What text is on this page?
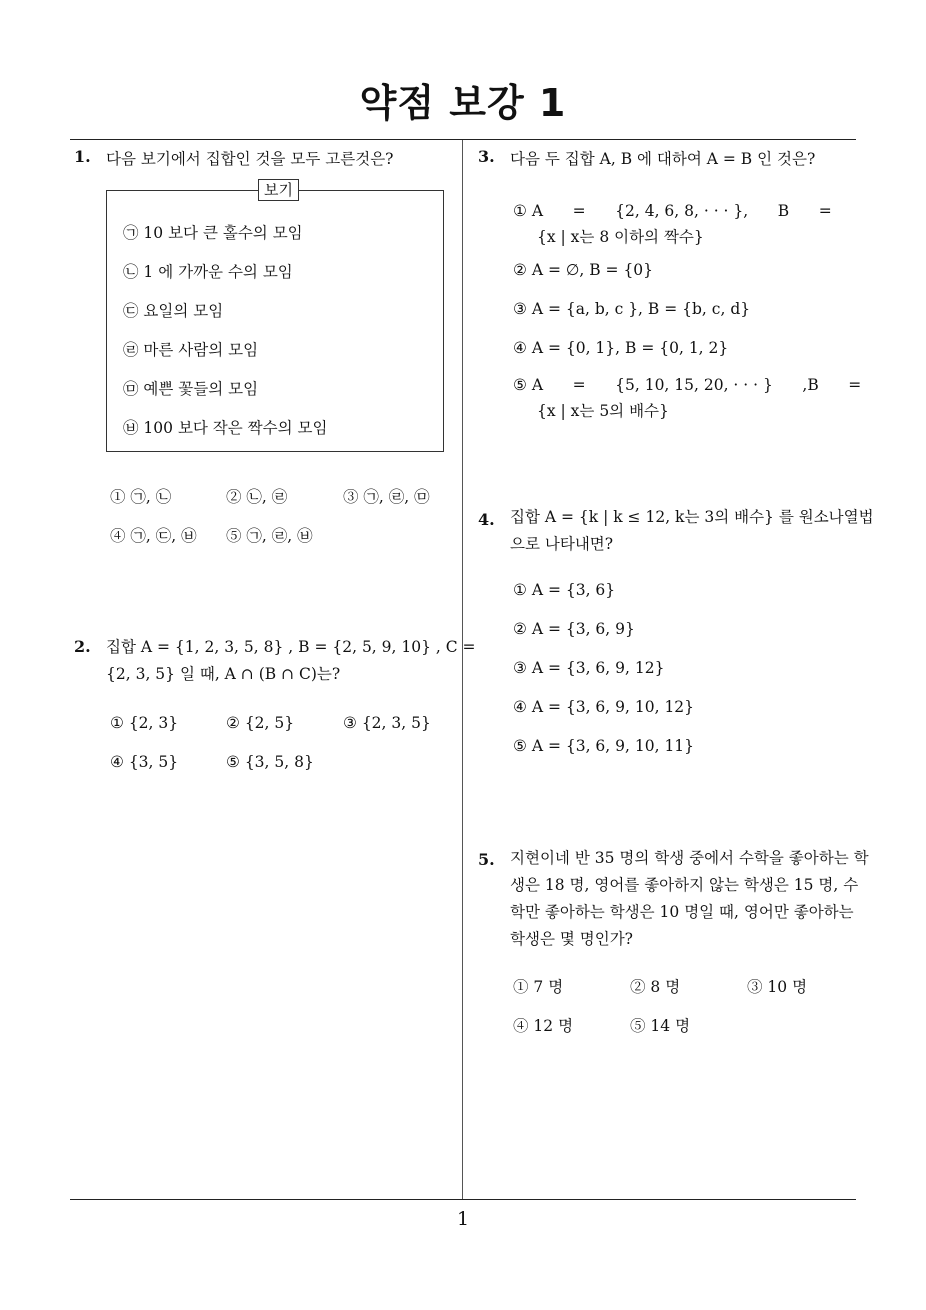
약점 보강 1
1
1. 다음 보기에서 집합인 것을 모두 고른것은?
보기
㉠ 10 보다 큰 홀수의 모임
㉡ 1 에 가까운 수의 모임
㉢ 요일의 모임
㉣ 마른 사람의 모임
㉤ 예쁜 꽃들의 모임
㉥ 100 보다 작은 짝수의 모임
① ㉠, ㉡	② ㉡, ㉣	③ ㉠, ㉣, ㉤
④ ㉠, ㉢, ㉥ ⑤ ㉠, ㉣, ㉥
2. 집합 A = {1, 2, 3, 5, 8} , B = {2, 5, 9, 10} , C =
{2, 3, 5} 일 때, A ∩ (B ∩ C)는?
① {2, 3}	② {2, 5}	③ {2, 3, 5}
④ {3, 5}	⑤ {3, 5, 8}
3. 다음 두 집합 A, B 에 대하여 A = B 인 것은?
① A      =      {2, 4, 6, 8, · · · },      B      =
{x | x는 8 이하의 짝수}
② A = ∅, B = {0}
③ A = {a, b, c }, B = {b, c, d}
④ A = {0, 1}, B = {0, 1, 2}
⑤ A      =      {5, 10, 15, 20, · · · }      ,B      =
{x | x는 5의 배수}
4. 집합 A = {k | k ≤ 12, k는 3의 배수} 를 원소나열법
으로 나타내면?
① A = {3, 6}
② A = {3, 6, 9}
③ A = {3, 6, 9, 12}
④ A = {3, 6, 9, 10, 12}
⑤ A = {3, 6, 9, 10, 11}
5. 지현이네 반 35 명의 학생 중에서 수학을 좋아하는 학
생은 18 명, 영어를 좋아하지 않는 학생은 15 명, 수
학만 좋아하는 학생은 10 명일 때, 영어만 좋아하는
학생은 몇 명인가?
① 7 명	② 8 명	③ 10 명
④ 12 명	⑤ 14 명
